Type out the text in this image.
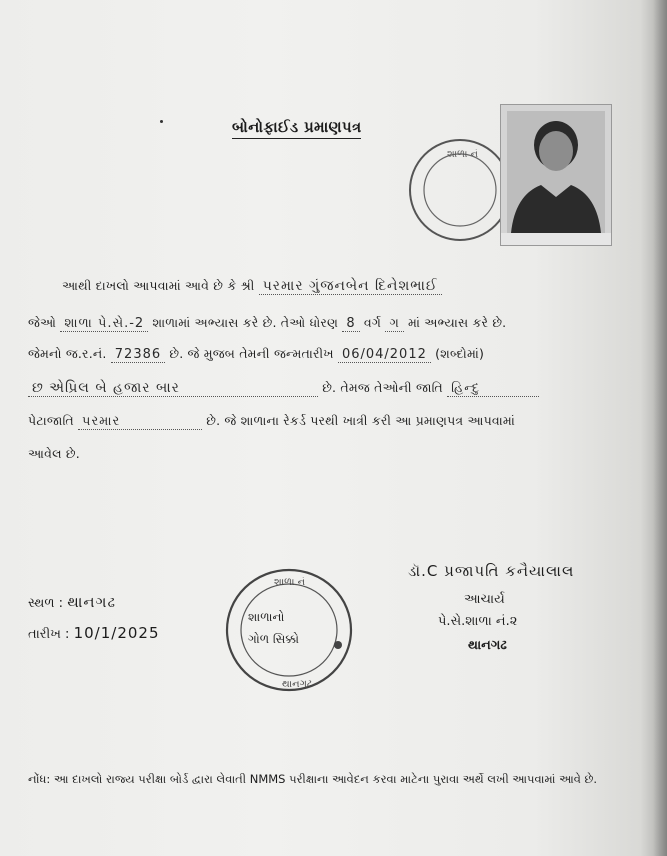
બોનોફાઈડ પ્રમાણપત્ર
શાળા નં
આથી દાખલો આપવામાં આવે છે કે શ્રી પરમાર ગુંજનબેન દિનેશભાઈ
જેઓ શાળા પે.સે.-2 શાળામાં અભ્યાસ કરે છે. તેઓ ધોરણ 8 વર્ગ ગ માં અભ્યાસ કરે છે.
જેમનો જ.ર.નં. 72386 છે. જે મુજબ તેમની જન્મતારીખ 06/04/2012 (શબ્દોમાં)
છ એપ્રિલ બે હજાર બાર	છે. તેમજ તેઓની જાતિ હિન્દુ
પેટાજાતિ પરમાર	છે. જે શાળાના રેકર્ડ પરથી ખાત્રી કરી આ પ્રમાણપત્ર આપવામાં
આવેલ છે.
સ્થળ : થાનગઢ
તારીખ : 10/1/2025
શાળા નં
થાનગઢ
શાળાનો
ગોળ સિક્કો
ડૉ.C પ્રજાપતિ કનૈયાલાલ
આચાર્ય
પે.સે.શાળા નં.૨
થાનગઢ
નોંધ: આ દાખલો રાજ્ય પરીક્ષા બોર્ડ દ્વારા લેવાતી NMMS પરીક્ષાના આવેદન કરવા માટેના પુરાવા અર્થે લખી આપવામાં આવે છે.
